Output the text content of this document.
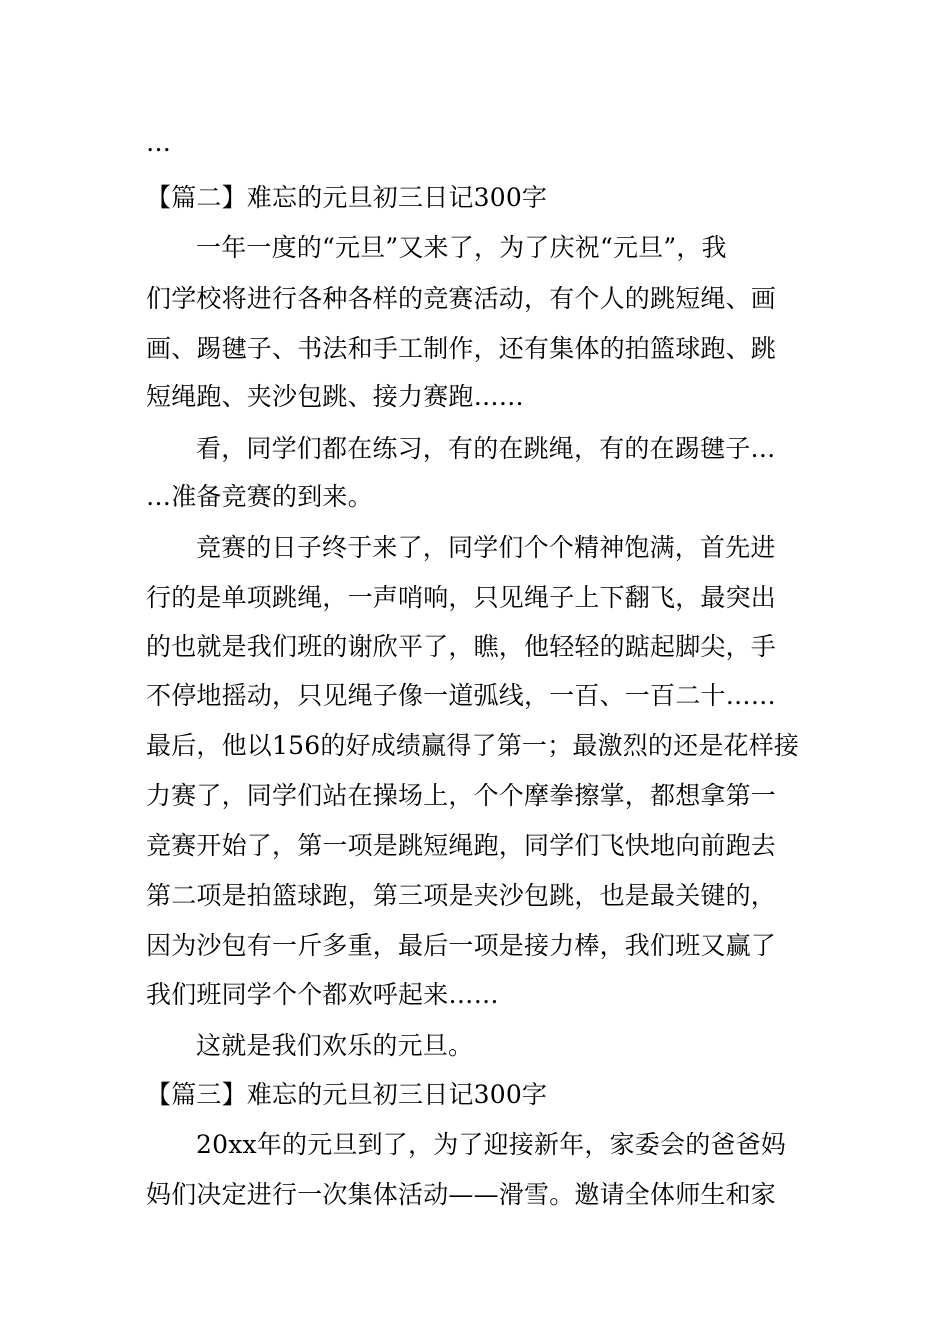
…
【篇二】难忘的元旦初三日记300字
一年一度的“元旦”又来了，为了庆祝“元旦”，我
们学校将进行各种各样的竞赛活动，有个人的跳短绳、画
画、踢毽子、书法和手工制作，还有集体的拍篮球跑、跳
短绳跑、夹沙包跳、接力赛跑……
看，同学们都在练习，有的在跳绳，有的在踢毽子…
…准备竞赛的到来。
竞赛的日子终于来了，同学们个个精神饱满，首先进
行的是单项跳绳，一声哨响，只见绳子上下翻飞，最突出
的也就是我们班的谢欣平了，瞧，他轻轻的踮起脚尖，手
不停地摇动，只见绳子像一道弧线，一百、一百二十……
最后，他以156的好成绩赢得了第一；最激烈的还是花样接
力赛了，同学们站在操场上，个个摩拳擦掌，都想拿第一
竞赛开始了，第一项是跳短绳跑，同学们飞快地向前跑去
第二项是拍篮球跑，第三项是夹沙包跳，也是最关键的，
因为沙包有一斤多重，最后一项是接力棒，我们班又赢了
我们班同学个个都欢呼起来……
这就是我们欢乐的元旦。
【篇三】难忘的元旦初三日记300字
20xx年的元旦到了，为了迎接新年，家委会的爸爸妈
妈们决定进行一次集体活动——滑雪。邀请全体师生和家
